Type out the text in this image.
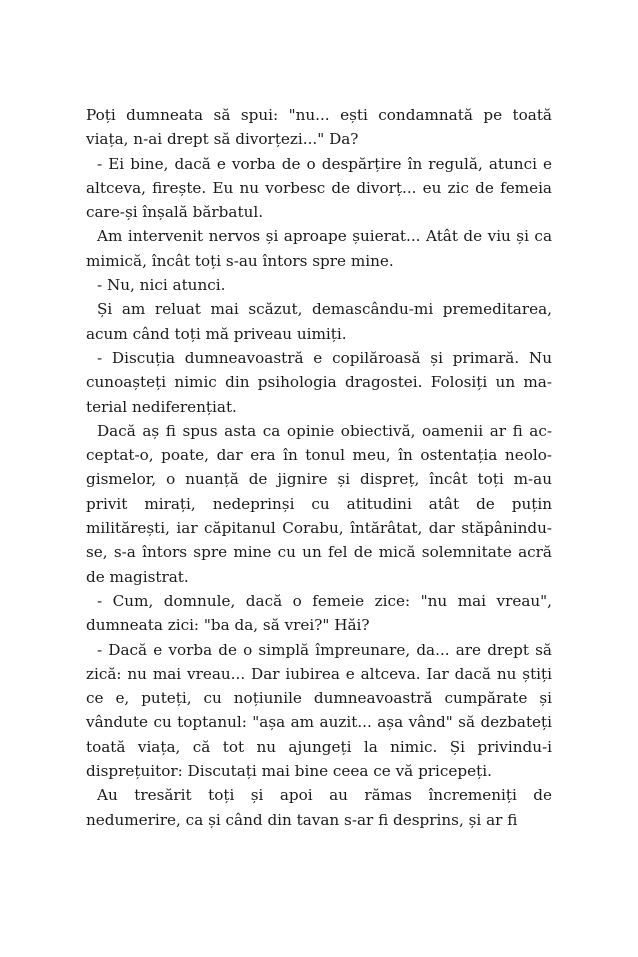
Poți dumneata să spui: "nu... ești condamnată pe toată viața, n-ai drept să divorțezi..." Da?

- Ei bine, dacă e vorba de o despărțire în regulă, atunci e altceva, firește. Eu nu vorbesc de divorț... eu zic de femeia care-și înșală bărbatul.

Am intervenit nervos și aproape șuierat... Atât de viu și ca mimică, încât toți s-au întors spre mine.

- Nu, nici atunci.

Și am reluat mai scăzut, demascându-mi premeditarea, acum când toți mă priveau uimiți.

- Discuția dumneavoastră e copilăroasă și primară. Nu cunoașteți nimic din psihologia dragostei. Folosiți un material nediferențiat.

Dacă aș fi spus asta ca opinie obiectivă, oamenii ar fi acceptat-o, poate, dar era în tonul meu, în ostentația neologismelor, o nuanță de jignire și dispreț, încât toți m-au privit mirați, nedeprinși cu atitudini atât de puțin militărești, iar căpitanul Corabu, întărâtat, dar stăpânindu-se, s-a întors spre mine cu un fel de mică solemnitate acră de magistrat.

- Cum, domnule, dacă o femeie zice: "nu mai vreau", dumneata zici: "ba da, să vrei?" Hăi?

- Dacă e vorba de o simplă împreunare, da... are drept să zică: nu mai vreau... Dar iubirea e altceva. Iar dacă nu știți ce e, puteți, cu noțiunile dumneavoastră cumpărate și vândute cu toptanul: "așa am auzit... așa vând" să dezbateți toată viața, că tot nu ajungeți la nimic. Și privindu-i disprețuitor: Discutați mai bine ceea ce vă pricepeți.

Au tresărit toți și apoi au rămas încremeniți de nedumerire, ca și când din tavan s-ar fi desprins, și ar fi
